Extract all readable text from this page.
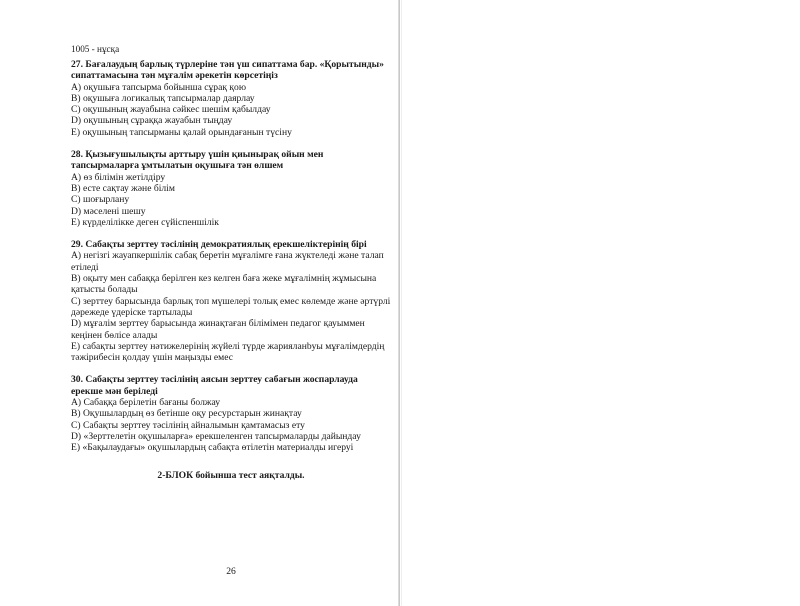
1005 - нұсқа
27. Бағалаудың барлық түрлеріне тән үш сипаттама бар. «Қорытынды» сипаттамасына тән мұғалім әрекетін көрсетіңіз
A) оқушыға тапсырма бойынша сұрақ қою
B) оқушыға логикалық тапсырмалар даярлау
C) оқушының жауабына сәйкес шешім қабылдау
D) оқушының сұраққа жауабын тыңдау
E) оқушының тапсырманы қалай орындағанын түсіну
28. Қызығушылықты арттыру үшін қиынырақ ойын мен тапсырмаларға ұмтылатын оқушыға тән өлшем
A) өз білімін жетілдіру
B) есте сақтау және білім
C) шоғырлану
D) мәселені шешу
E) күрделілікке деген сүйіспеншілік
29. Сабақты зерттеу тәсілінің демократиялық ерекшеліктерінің бірі
A) негізгі жауапкершілік сабақ беретін мұғалімге ғана жүктеледі және талап етіледі
B) оқыту мен сабаққа берілген кез келген баға жеке мұғалімнің жұмысына қатысты болады
C) зерттеу барысында барлық топ мүшелері толық емес көлемде және әртүрлі дәрежеде үдеріске тартылады
D) мұғалім зерттеу барысында жинақтаған білімімен педагог қауыммен кеңінен бөлісе алады
E) сабақты зерттеу нәтижелерінің жүйелі түрде жарияланbуы мұғалімдердің тәжірибесін қолдау үшін маңызды емес
30. Сабақты зерттеу тәсілінің аясын зерттеу сабағын жоспарлауда ерекше мән беріледі
A) Сабаққа берілетін бағаны болжау
B) Оқушылардың өз бетінше оқу ресурстарын жинақтау
C) Сабақты зерттеу тәсілінің айналымын қамтамасыз ету
D) «Зерттелетін оқушыларға» ерекшеленген тапсырмаларды дайындау
E) «Бақылаудағы» оқушылардың сабақта өтілетін материалды игеруі
2-БЛОК бойынша тест аяқталды.
26
